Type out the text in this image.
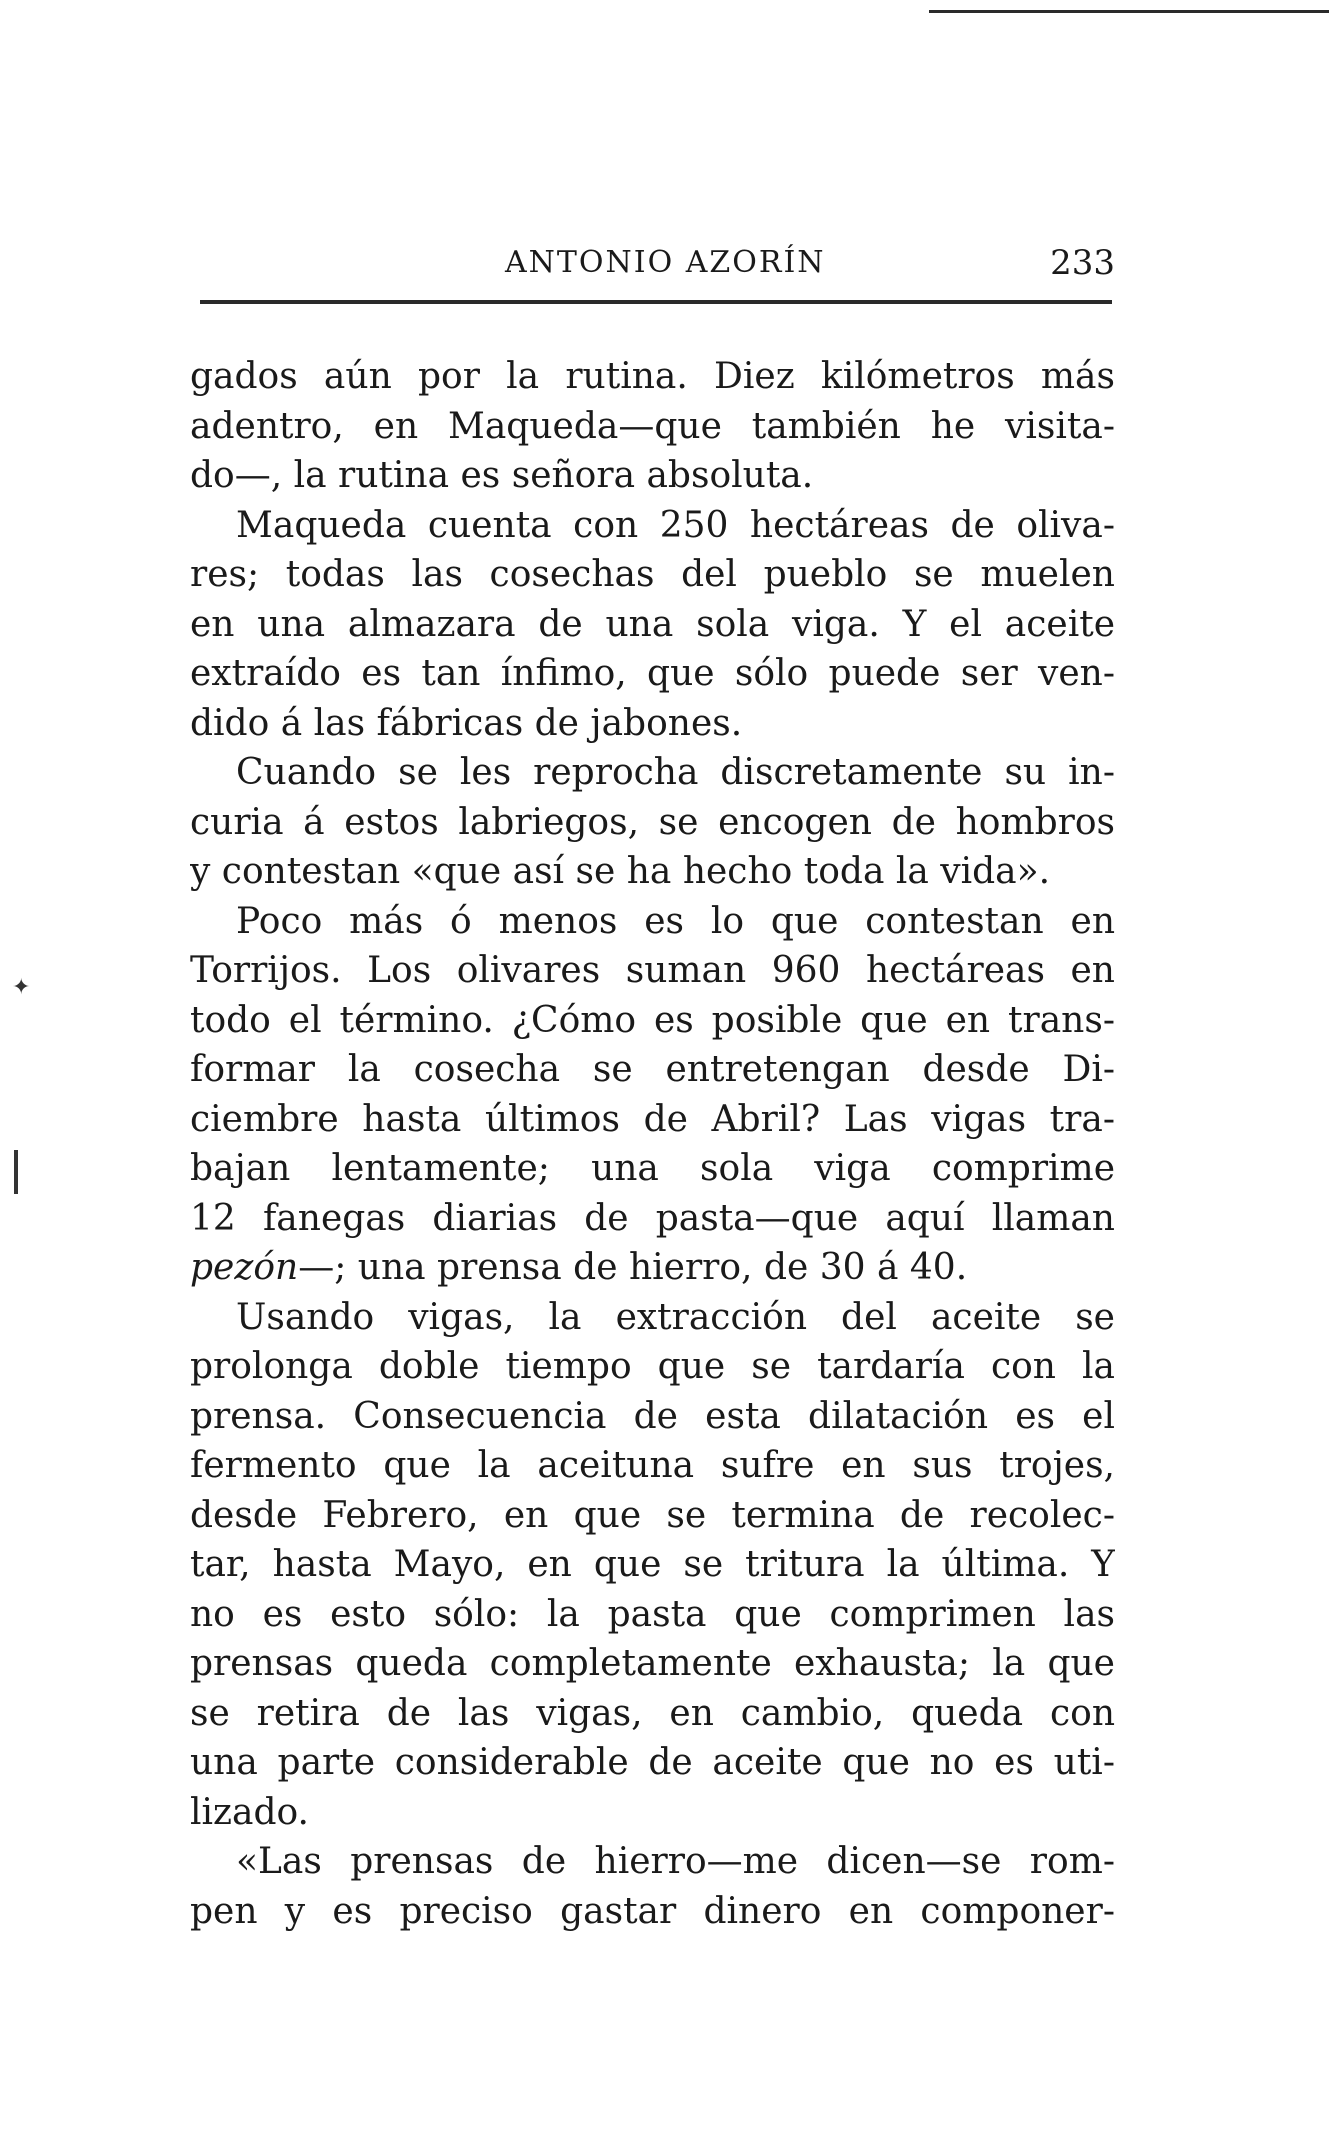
ANTONIO AZORÍN	233
✦
gados aún por la rutina. Diez kilómetros más
adentro, en Maqueda—que también he visita-
do—, la rutina es señora absoluta.
Maqueda cuenta con 250 hectáreas de oliva-
res; todas las cosechas del pueblo se muelen
en una almazara de una sola viga. Y el aceite
extraído es tan ínfimo, que sólo puede ser ven-
dido á las fábricas de jabones.
Cuando se les reprocha discretamente su in-
curia á estos labriegos, se encogen de hombros
y contestan «que así se ha hecho toda la vida».
Poco más ó menos es lo que contestan en
Torrijos. Los olivares suman 960 hectáreas en
todo el término. ¿Cómo es posible que en trans-
formar la cosecha se entretengan desde Di-
ciembre hasta últimos de Abril? Las vigas tra-
bajan lentamente; una sola viga comprime
12 fanegas diarias de pasta—que aquí llaman
pezón—; una prensa de hierro, de 30 á 40.
Usando vigas, la extracción del aceite se
prolonga doble tiempo que se tardaría con la
prensa. Consecuencia de esta dilatación es el
fermento que la aceituna sufre en sus trojes,
desde Febrero, en que se termina de recolec-
tar, hasta Mayo, en que se tritura la última. Y
no es esto sólo: la pasta que comprimen las
prensas queda completamente exhausta; la que
se retira de las vigas, en cambio, queda con
una parte considerable de aceite que no es uti-
lizado.
«Las prensas de hierro—me dicen—se rom-
pen y es preciso gastar dinero en componer-
